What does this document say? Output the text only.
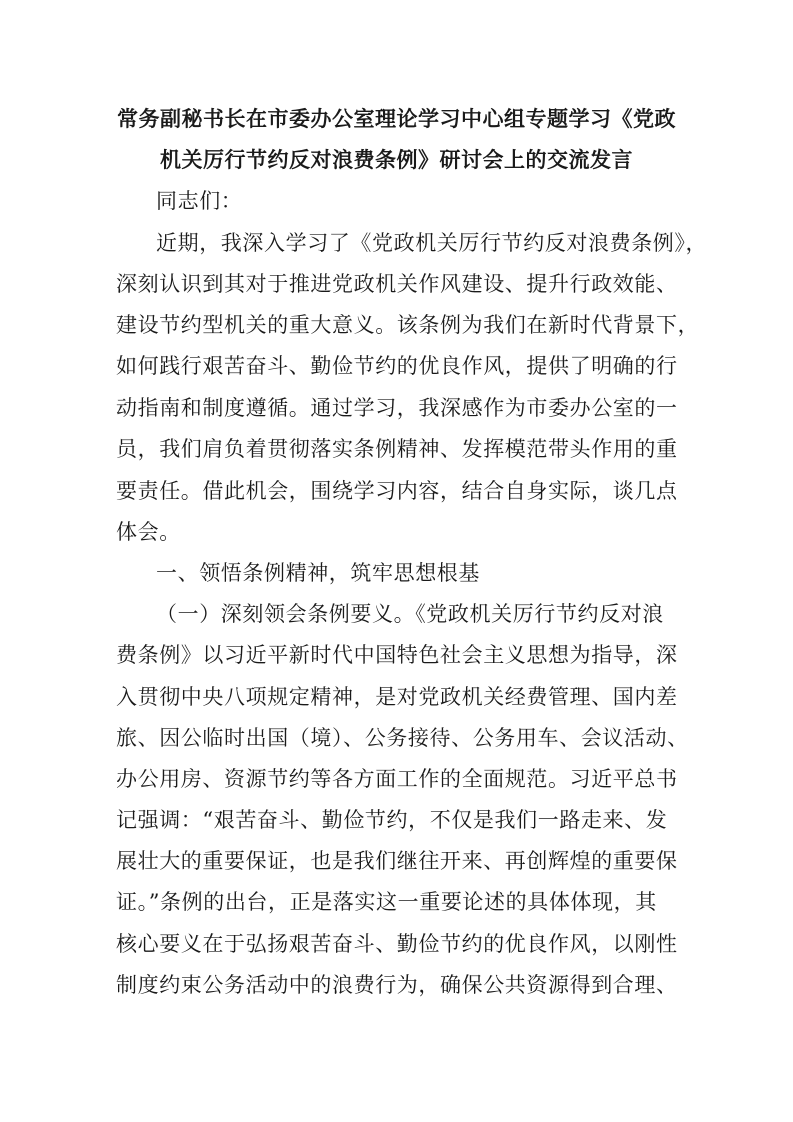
常务副秘书长在市委办公室理论学习中心组专题学习《党政
机关厉行节约反对浪费条例》研讨会上的交流发言
同志们：
近期，我深入学习了《党政机关厉行节约反对浪费条例》，
深刻认识到其对于推进党政机关作风建设、提升行政效能、
建设节约型机关的重大意义。该条例为我们在新时代背景下，
如何践行艰苦奋斗、勤俭节约的优良作风，提供了明确的行
动指南和制度遵循。通过学习，我深感作为市委办公室的一
员，我们肩负着贯彻落实条例精神、发挥模范带头作用的重
要责任。借此机会，围绕学习内容，结合自身实际，谈几点
体会。
一、领悟条例精神，筑牢思想根基
（一）深刻领会条例要义。《党政机关厉行节约反对浪
费条例》以习近平新时代中国特色社会主义思想为指导，深
入贯彻中央八项规定精神，是对党政机关经费管理、国内差
旅、因公临时出国（境）、公务接待、公务用车、会议活动、
办公用房、资源节约等各方面工作的全面规范。习近平总书
记强调：“艰苦奋斗、勤俭节约，不仅是我们一路走来、发
展壮大的重要保证，也是我们继往开来、再创辉煌的重要保
证。”条例的出台，正是落实这一重要论述的具体体现，其
核心要义在于弘扬艰苦奋斗、勤俭节约的优良作风，以刚性
制度约束公务活动中的浪费行为，确保公共资源得到合理、
